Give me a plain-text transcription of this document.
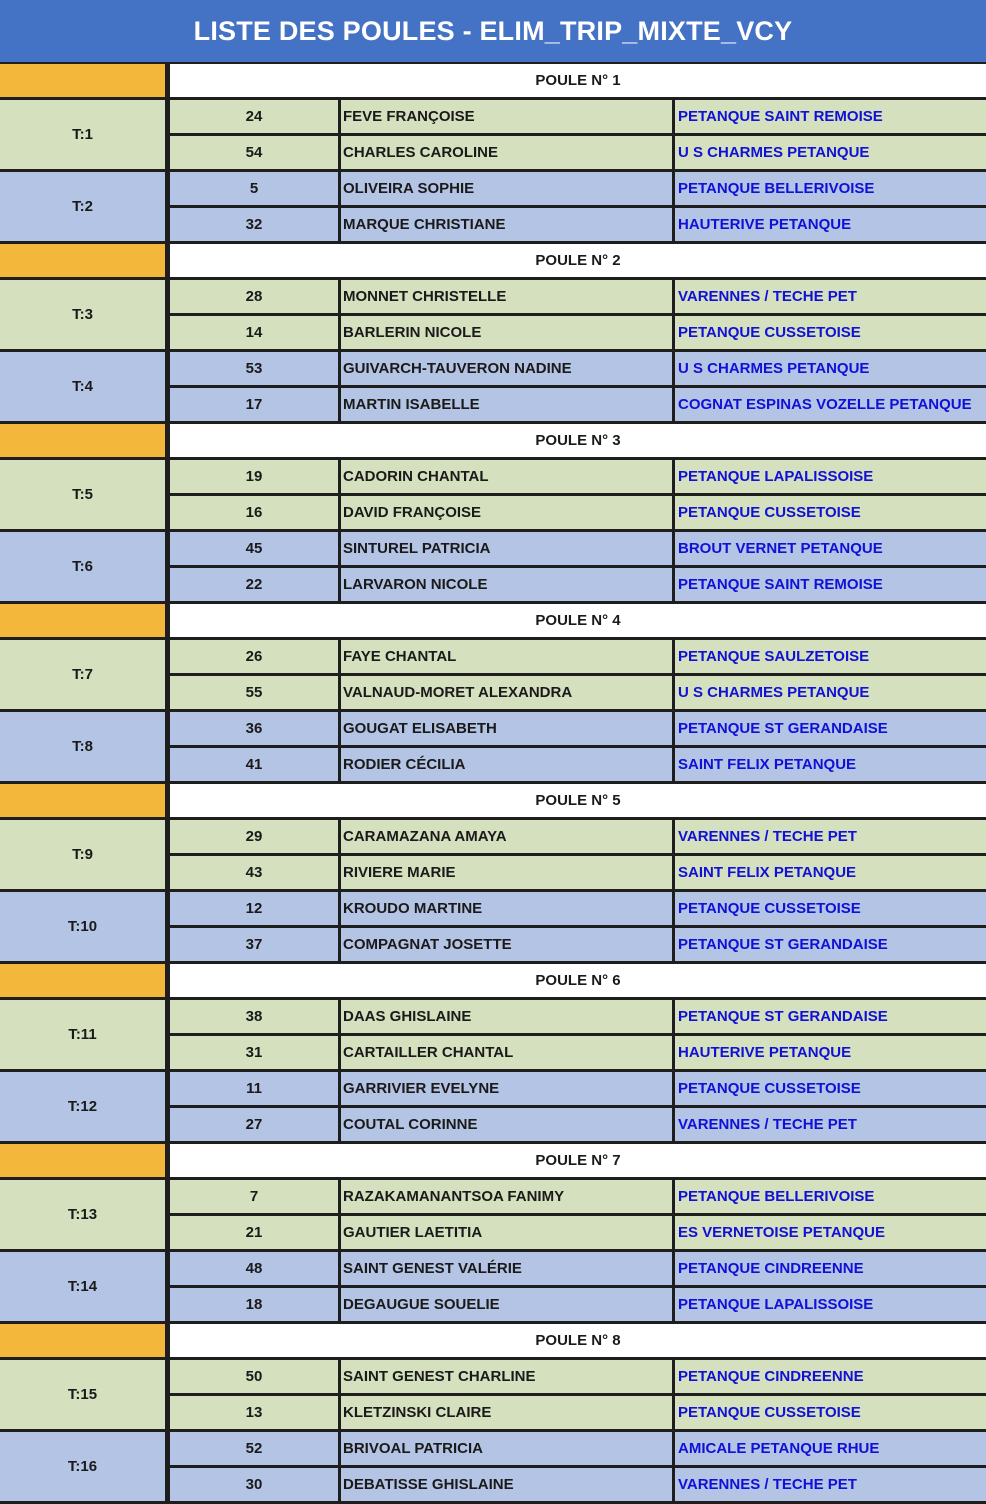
LISTE DES POULES - ELIM_TRIP_MIXTE_VCY
POULE N° 1
T:1
24	FEVE FRANÇOISE	PETANQUE SAINT REMOISE
54	CHARLES CAROLINE	U S CHARMES PETANQUE
T:2
5	OLIVEIRA SOPHIE	PETANQUE BELLERIVOISE
32	MARQUE CHRISTIANE	HAUTERIVE PETANQUE
POULE N° 2
T:3
28	MONNET CHRISTELLE	VARENNES / TECHE PET
14	BARLERIN NICOLE	PETANQUE CUSSETOISE
T:4
53	GUIVARCH-TAUVERON NADINE	U S CHARMES PETANQUE
17	MARTIN ISABELLE	COGNAT ESPINAS VOZELLE PETANQUE
POULE N° 3
T:5
19	CADORIN CHANTAL	PETANQUE LAPALISSOISE
16	DAVID FRANÇOISE	PETANQUE CUSSETOISE
T:6
45	SINTUREL PATRICIA	BROUT VERNET PETANQUE
22	LARVARON NICOLE	PETANQUE SAINT REMOISE
POULE N° 4
T:7
26	FAYE CHANTAL	PETANQUE SAULZETOISE
55	VALNAUD-MORET ALEXANDRA	U S CHARMES PETANQUE
T:8
36	GOUGAT ELISABETH	PETANQUE ST GERANDAISE
41	RODIER CÉCILIA	SAINT FELIX PETANQUE
POULE N° 5
T:9
29	CARAMAZANA AMAYA	VARENNES / TECHE PET
43	RIVIERE MARIE	SAINT FELIX PETANQUE
T:10
12	KROUDO MARTINE	PETANQUE CUSSETOISE
37	COMPAGNAT JOSETTE	PETANQUE ST GERANDAISE
POULE N° 6
T:11
38	DAAS GHISLAINE	PETANQUE ST GERANDAISE
31	CARTAILLER CHANTAL	HAUTERIVE PETANQUE
T:12
11	GARRIVIER EVELYNE	PETANQUE CUSSETOISE
27	COUTAL CORINNE	VARENNES / TECHE PET
POULE N° 7
T:13
7	RAZAKAMANANTSOA FANIMY	PETANQUE BELLERIVOISE
21	GAUTIER LAETITIA	ES VERNETOISE PETANQUE
T:14
48	SAINT GENEST VALÉRIE	PETANQUE CINDREENNE
18	DEGAUGUE SOUELIE	PETANQUE LAPALISSOISE
POULE N° 8
T:15
50	SAINT GENEST CHARLINE	PETANQUE CINDREENNE
13	KLETZINSKI CLAIRE	PETANQUE CUSSETOISE
T:16
52	BRIVOAL PATRICIA	AMICALE PETANQUE RHUE
30	DEBATISSE GHISLAINE	VARENNES / TECHE PET
